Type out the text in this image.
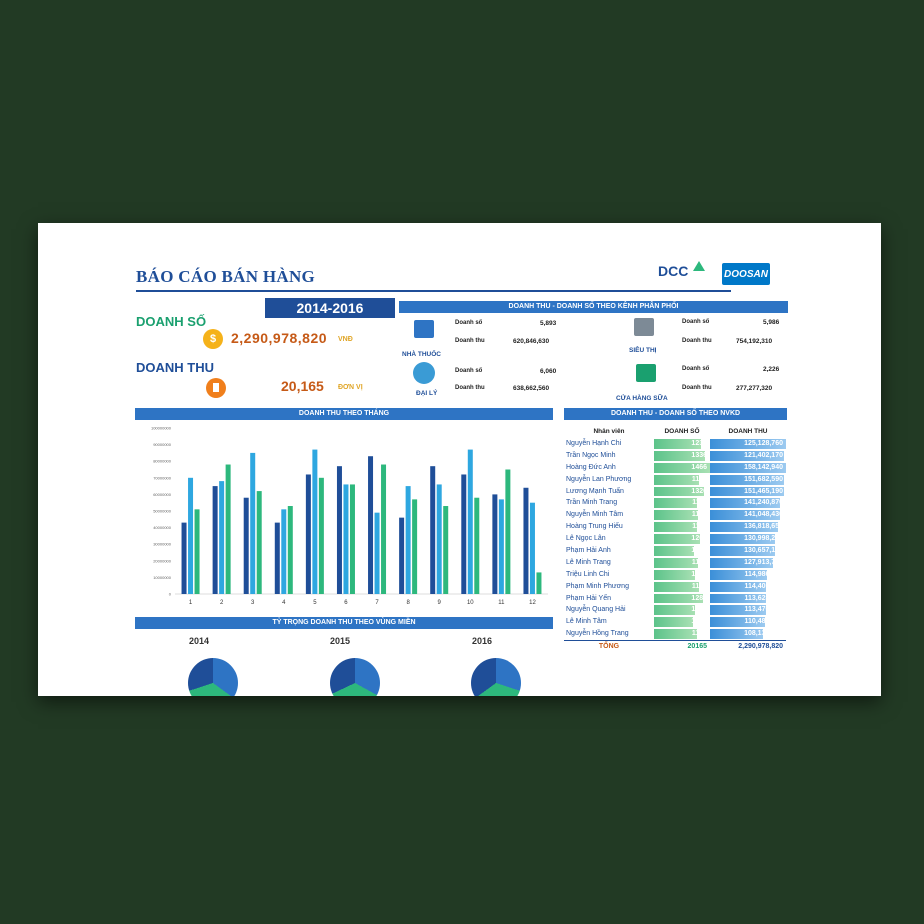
BÁO CÁO BÁN HÀNG	DCC	DOOSAN
2014-2016
DOANH SỐ
$	2,290,978,820 VNĐ
DOANH THU
20,165 ĐƠN VỊ
DOANH THU - DOANH SỐ THEO KÊNH PHÂN PHỐI
NHÀ THUỐC
Doanh số	5,893
Doanh thu	620,846,630
SIÊU THỊ
Doanh số	5,986
Doanh thu	754,192,310
ĐẠI LÝ
Doanh số	6,060
Doanh thu	638,662,560
CỬA HÀNG SỮA
Doanh số	2,226
Doanh thu	277,277,320
DOANH THU THEO THÁNG
0
10000000
20000000
30000000
40000000
50000000
60000000
70000000
80000000
90000000
100000000
1	2	3	4	5	6	7	8	9	10	11	12
TỶ TRỌNG DOANH THU THEO VÙNG MIỀN
2014	2015	2016
DOANH THU - DOANH SỐ THEO NVKD
Nhân viên	DOANH SỐ	DOANH THU
Nguyễn Hạnh Chi	1232	125,128,760
Trần Ngọc Minh	1336	121,402,170
Hoàng Đức Anh	1466	158,142,940
Nguyễn Lan Phương	1167	151,682,590
Lương Mạnh Tuấn	1320	151,465,190
Trần Minh Trang	1110	141,240,870
Nguyễn Minh Tâm	1158	141,048,430
Hoàng Trung Hiếu	1116	136,818,650
Lê Ngọc Lân	1201	130,998,240
Phạm Hải Anh	1048	130,657,180
Lê Minh Trang	1143	127,913,730
Triệu Linh Chi	1091	114,986,360
Phạm Minh Phương	1170	114,405,350
Phạm Hải Yến	1284	113,628,060
Nguyễn Quang Hải	1083	113,476,300
Lê Minh Tâm	1021	110,480,850
Nguyễn Hồng Trang	1107	108,132,350
TỔNG	20165	2,290,978,820
